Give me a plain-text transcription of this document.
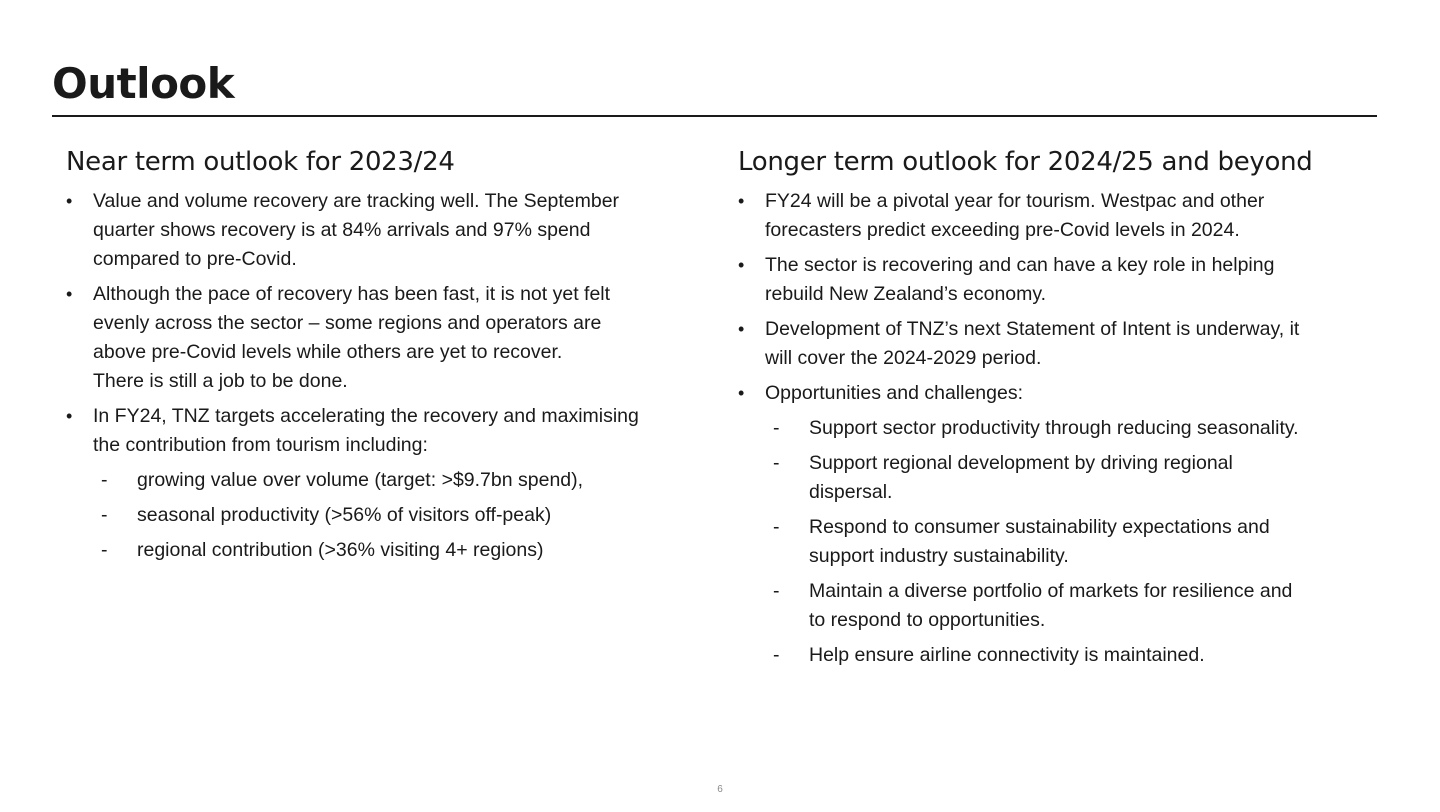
Outlook
Near term outlook for 2023/24
• Value and volume recovery are tracking well. The September
quarter shows recovery is at 84% arrivals and 97% spend
compared to pre-Covid.
• Although the pace of recovery has been fast, it is not yet felt
evenly across the sector – some regions and operators are
above pre-Covid levels while others are yet to recover.
There is still a job to be done.
• In FY24, TNZ targets accelerating the recovery and maximising
the contribution from tourism including:
- growing value over volume (target: >$9.7bn spend),
- seasonal productivity (>56% of visitors off-peak)
- regional contribution (>36% visiting 4+ regions)
Longer term outlook for 2024/25 and beyond
• FY24 will be a pivotal year for tourism. Westpac and other
forecasters predict exceeding pre-Covid levels in 2024.
• The sector is recovering and can have a key role in helping
rebuild New Zealand’s economy.
• Development of TNZ’s next Statement of Intent is underway, it
will cover the 2024-2029 period.
• Opportunities and challenges:
- Support sector productivity through reducing seasonality.
- Support regional development by driving regional
dispersal.
- Respond to consumer sustainability expectations and
support industry sustainability.
- Maintain a diverse portfolio of markets for resilience and
to respond to opportunities.
- Help ensure airline connectivity is maintained.
6
